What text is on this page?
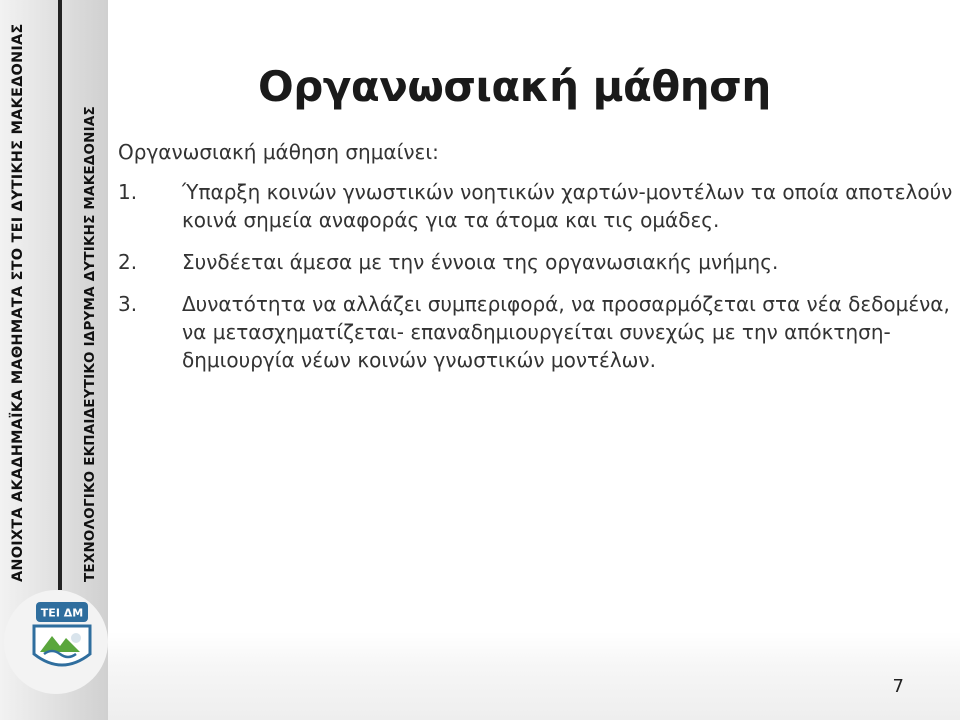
ΑΝΟΙΧΤΑ ΑΚΑΔΗΜΑΪΚΑ ΜΑΘΗΜΑΤΑ ΣΤΟ ΤΕΙ ΔΥΤΙΚΗΣ ΜΑΚΕΔΟΝΙΑΣ	ΤΕΧΝΟΛΟΓΙΚΟ ΕΚΠΑΙΔΕΥΤΙΚΟ ΙΔΡΥΜΑ ΔΥΤΙΚΗΣ ΜΑΚΕΔΟΝΙΑΣ
ΤΕΙ ΔΜ
Οργανωσιακή μάθηση
Οργανωσιακή μάθηση σημαίνει:
1.	Ύπαρξη κοινών γνωστικών νοητικών χαρτών-μοντέλων τα οποία αποτελούν κοινά σημεία αναφοράς για τα άτομα και τις ομάδες.
2.	Συνδέεται άμεσα με την έννοια της οργανωσιακής μνήμης.
3.	Δυνατότητα να αλλάζει συμπεριφορά, να προσαρμόζεται στα νέα δεδομένα, να μετασχηματίζεται- επαναδημιουργείται συνεχώς με την απόκτηση-δημιουργία νέων κοινών γνωστικών μοντέλων.
7
